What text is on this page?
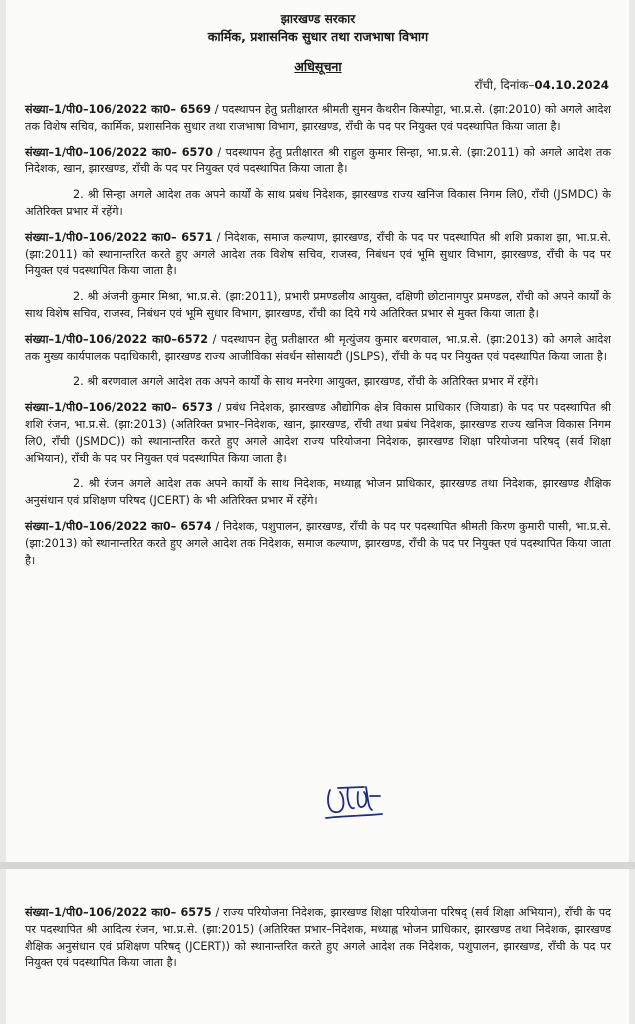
झारखण्ड सरकार
कार्मिक, प्रशासनिक सुधार तथा राजभाषा विभाग
अधिसूचना
राँची, दिनांक–04.10.2024

संख्या–1/पी0–106/2022 का0– 6569 / पदस्थापन हेतु प्रतीक्षारत श्रीमती सुमन कैथरीन किस्पोट्टा, भा.प्र.से. (झा:2010) को अगले आदेश तक विशेष सचिव, कार्मिक, प्रशासनिक सुधार तथा राजभाषा विभाग, झारखण्ड, राँची के पद पर नियुक्त एवं पदस्थापित किया जाता है।

संख्या–1/पी0–106/2022 का0– 6570 / पदस्थापन हेतु प्रतीक्षारत श्री राहुल कुमार सिन्हा, भा.प्र.से. (झा:2011) को अगले आदेश तक निदेशक, खान, झारखण्ड, राँची के पद पर नियुक्त एवं पदस्थापित किया जाता है।

2. श्री सिन्हा अगले आदेश तक अपने कार्यों के साथ प्रबंध निदेशक, झारखण्ड राज्य खनिज विकास निगम लि0, राँची (JSMDC) के अतिरिक्त प्रभार में रहेंगे।

संख्या–1/पी0–106/2022 का0– 6571 / निदेशक, समाज कल्याण, झारखण्ड, राँची के पद पर पदस्थापित श्री शशि प्रकाश झा, भा.प्र.से. (झा:2011) को स्थानान्तरित करते हुए अगले आदेश तक विशेष सचिव, राजस्व, निबंधन एवं भूमि सुधार विभाग, झारखण्ड, राँची के पद पर नियुक्त एवं पदस्थापित किया जाता है।

2. श्री अंजनी कुमार मिश्रा, भा.प्र.से. (झा:2011), प्रभारी प्रमण्डलीय आयुक्त, दक्षिणी छोटानागपुर प्रमण्डल, राँची को अपने कार्यों के साथ विशेष सचिव, राजस्व, निबंधन एवं भूमि सुधार विभाग, झारखण्ड, राँची का दिये गये अतिरिक्त प्रभार से मुक्त किया जाता है।

संख्या–1/पी0–106/2022 का0–6572 / पदस्थापन हेतु प्रतीक्षारत श्री मृत्युंजय कुमार बरणवाल, भा.प्र.से. (झा:2013) को अगले आदेश तक मुख्य कार्यपालक पदाधिकारी, झारखण्ड राज्य आजीविका संवर्धन सोसायटी (JSLPS), राँची के पद पर नियुक्त एवं पदस्थापित किया जाता है।

2. श्री बरणवाल अगले आदेश तक अपने कार्यों के साथ मनरेगा आयुक्त, झारखण्ड, राँची के अतिरिक्त प्रभार में रहेंगे।

संख्या–1/पी0–106/2022 का0– 6573 / प्रबंध निदेशक, झारखण्ड औद्योगिक क्षेत्र विकास प्राधिकार (जियाडा) के पद पर पदस्थापित श्री शशि रंजन, भा.प्र.से. (झा:2013) (अतिरिक्त प्रभार–निदेशक, खान, झारखण्ड, राँची तथा प्रबंध निदेशक, झारखण्ड राज्य खनिज विकास निगम लि0, राँची (JSMDC)) को स्थानान्तरित करते हुए अगले आदेश राज्य परियोजना निदेशक, झारखण्ड शिक्षा परियोजना परिषद् (सर्व शिक्षा अभियान), राँची के पद पर नियुक्त एवं पदस्थापित किया जाता है।

2. श्री रंजन अगले आदेश तक अपने कार्यों के साथ निदेशक, मध्याह्न भोजन प्राधिकार, झारखण्ड तथा निदेशक, झारखण्ड शैक्षिक अनुसंधान एवं प्रशिक्षण परिषद (JCERT) के भी अतिरिक्त प्रभार में रहेंगे।

संख्या–1/पी0–106/2022 का0– 6574 / निदेशक, पशुपालन, झारखण्ड, राँची के पद पर पदस्थापित श्रीमती किरण कुमारी पासी, भा.प्र.से. (झा:2013) को स्थानान्तरित करते हुए अगले आदेश तक निदेशक, समाज कल्याण, झारखण्ड, राँची के पद पर नियुक्त एवं पदस्थापित किया जाता है।

संख्या–1/पी0–106/2022 का0– 6575 / राज्य परियोजना निदेशक, झारखण्ड शिक्षा परियोजना परिषद् (सर्व शिक्षा अभियान), राँची के पद पर पदस्थापित श्री आदित्य रंजन, भा.प्र.से. (झा:2015) (अतिरिक्त प्रभार–निदेशक, मध्याह्न भोजन प्राधिकार, झारखण्ड तथा निदेशक, झारखण्ड शैक्षिक अनुसंधान एवं प्रशिक्षण परिषद् (JCERT)) को स्थानान्तरित करते हुए अगले आदेश तक निदेशक, पशुपालन, झारखण्ड, राँची के पद पर नियुक्त एवं पदस्थापित किया जाता है।
